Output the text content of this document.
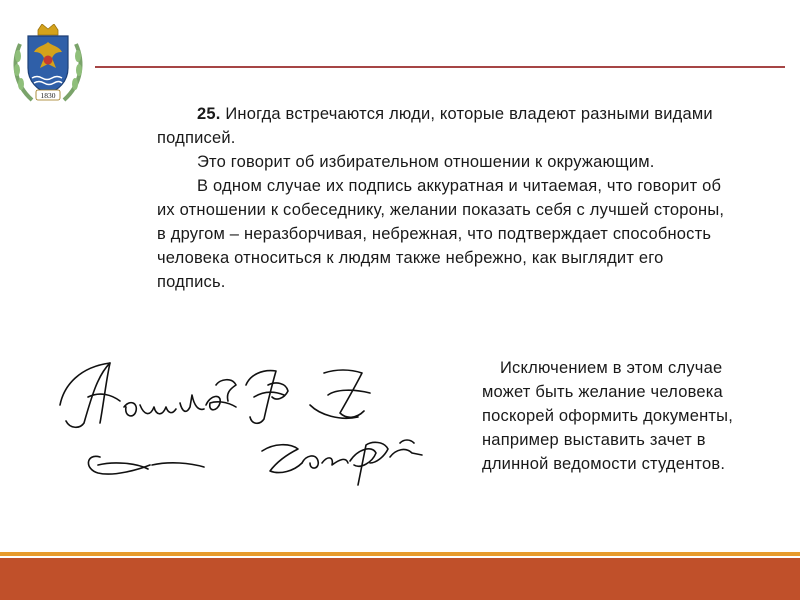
1830

25. Иногда встречаются люди, которые владеют разными видами подписей.

Это говорит об избирательном отношении к окружающим.

В одном случае их подпись аккуратная и читаемая, что говорит об их отношении к собеседнику, желании показать себя с лучшей стороны, в другом – неразборчивая, небрежная, что подтверждает способность человека относиться к людям также небрежно, как выглядит его подпись.

Исключением в этом случае может быть желание человека поскорей оформить документы, например выставить зачет в длинной ведомости студентов.
